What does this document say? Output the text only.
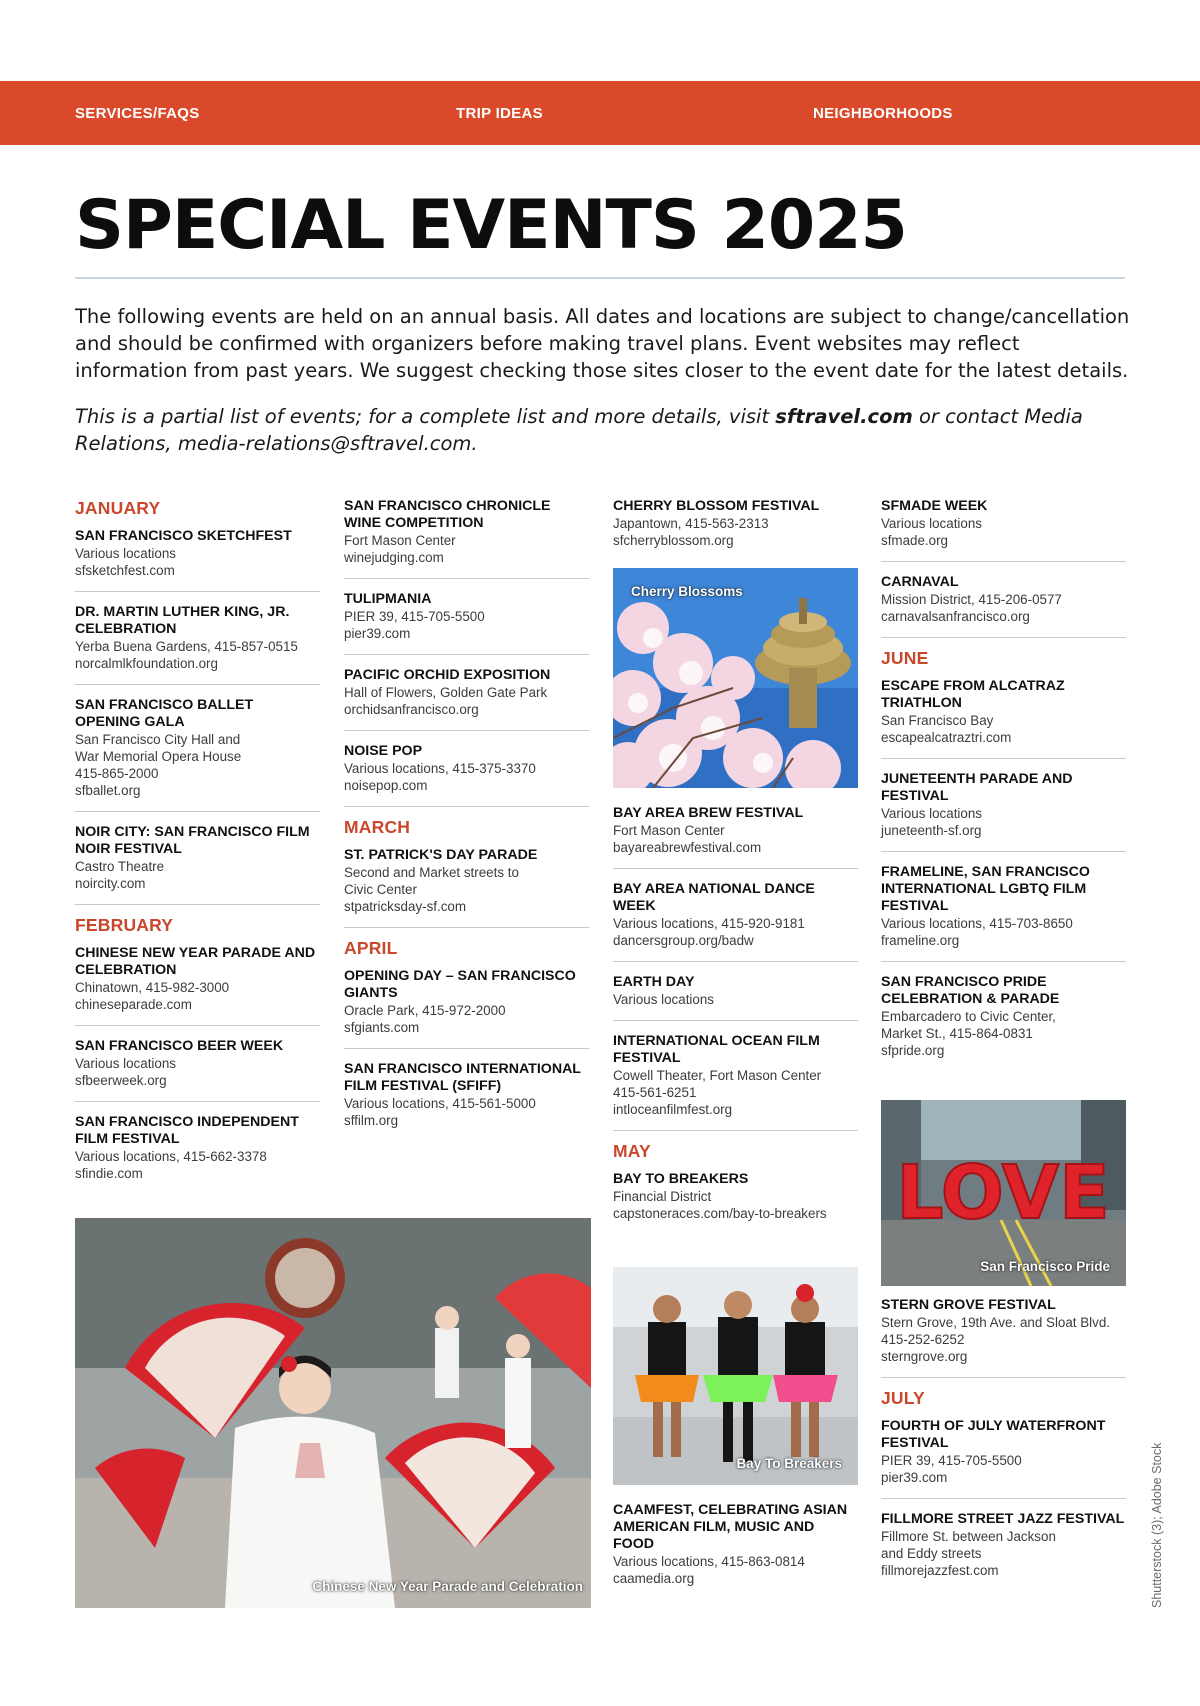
SERVICES/FAQS	TRIP IDEAS	NEIGHBORHOODS
SPECIAL EVENTS 2025

The following events are held on an annual basis. All dates and locations are subject to change/cancellation and should be confirmed with organizers before making travel plans. Event websites may reflect information from past years. We suggest checking those sites closer to the event date for the latest details.

This is a partial list of events; for a complete list and more details, visit sftravel.com or contact Media Relations, media-relations@sftravel.com.

JANUARY
SAN FRANCISCO SKETCHFEST
Various locations
sfsketchfest.com
DR. MARTIN LUTHER KING, JR. CELEBRATION
Yerba Buena Gardens, 415-857-0515
norcalmlkfoundation.org
SAN FRANCISCO BALLET OPENING GALA
San Francisco City Hall and
War Memorial Opera House
415-865-2000
sfballet.org
NOIR CITY: SAN FRANCISCO FILM NOIR FESTIVAL
Castro Theatre
noircity.com
FEBRUARY
CHINESE NEW YEAR PARADE AND CELEBRATION
Chinatown, 415-982-3000
chineseparade.com
SAN FRANCISCO BEER WEEK
Various locations
sfbeerweek.org
SAN FRANCISCO INDEPENDENT FILM FESTIVAL
Various locations, 415-662-3378
sfindie.com
SAN FRANCISCO CHRONICLE WINE COMPETITION
Fort Mason Center
winejudging.com
TULIPMANIA
PIER 39, 415-705-5500
pier39.com
PACIFIC ORCHID EXPOSITION
Hall of Flowers, Golden Gate Park
orchidsanfrancisco.org
NOISE POP
Various locations, 415-375-3370
noisepop.com
MARCH
ST. PATRICK'S DAY PARADE
Second and Market streets to
Civic Center
stpatricksday-sf.com
APRIL
OPENING DAY – SAN FRANCISCO GIANTS
Oracle Park, 415-972-2000
sfgiants.com
SAN FRANCISCO INTERNATIONAL FILM FESTIVAL (SFIFF)
Various locations, 415-561-5000
sffilm.org
CHERRY BLOSSOM FESTIVAL
Japantown, 415-563-2313
sfcherryblossom.org
BAY AREA BREW FESTIVAL
Fort Mason Center
bayareabrewfestival.com
BAY AREA NATIONAL DANCE WEEK
Various locations, 415-920-9181
dancersgroup.org/badw
EARTH DAY
Various locations
INTERNATIONAL OCEAN FILM FESTIVAL
Cowell Theater, Fort Mason Center
415-561-6251
intloceanfilmfest.org
MAY
BAY TO BREAKERS
Financial District
capstoneraces.com/bay-to-breakers
CAAMFEST, CELEBRATING ASIAN AMERICAN FILM, MUSIC AND FOOD
Various locations, 415-863-0814
caamedia.org
SFMADE WEEK
Various locations
sfmade.org
CARNAVAL
Mission District, 415-206-0577
carnavalsanfrancisco.org
JUNE
ESCAPE FROM ALCATRAZ TRIATHLON
San Francisco Bay
escapealcatraztri.com
JUNETEENTH PARADE AND FESTIVAL
Various locations
juneteenth-sf.org
FRAMELINE, SAN FRANCISCO INTERNATIONAL LGBTQ FILM FESTIVAL
Various locations, 415-703-8650
frameline.org
SAN FRANCISCO PRIDE CELEBRATION & PARADE
Embarcadero to Civic Center,
Market St., 415-864-0831
sfpride.org
STERN GROVE FESTIVAL
Stern Grove, 19th Ave. and Sloat Blvd.
415-252-6252
sterngrove.org
JULY
FOURTH OF JULY WATERFRONT FESTIVAL
PIER 39, 415-705-5500
pier39.com
FILLMORE STREET JAZZ FESTIVAL
Fillmore St. between Jackson
and Eddy streets
fillmorejazzfest.com
Cherry Blossoms
Chinese New Year Parade and Celebration
Bay To Breakers
LOVE
San Francisco Pride
Shutterstock (3); Adobe Stock
